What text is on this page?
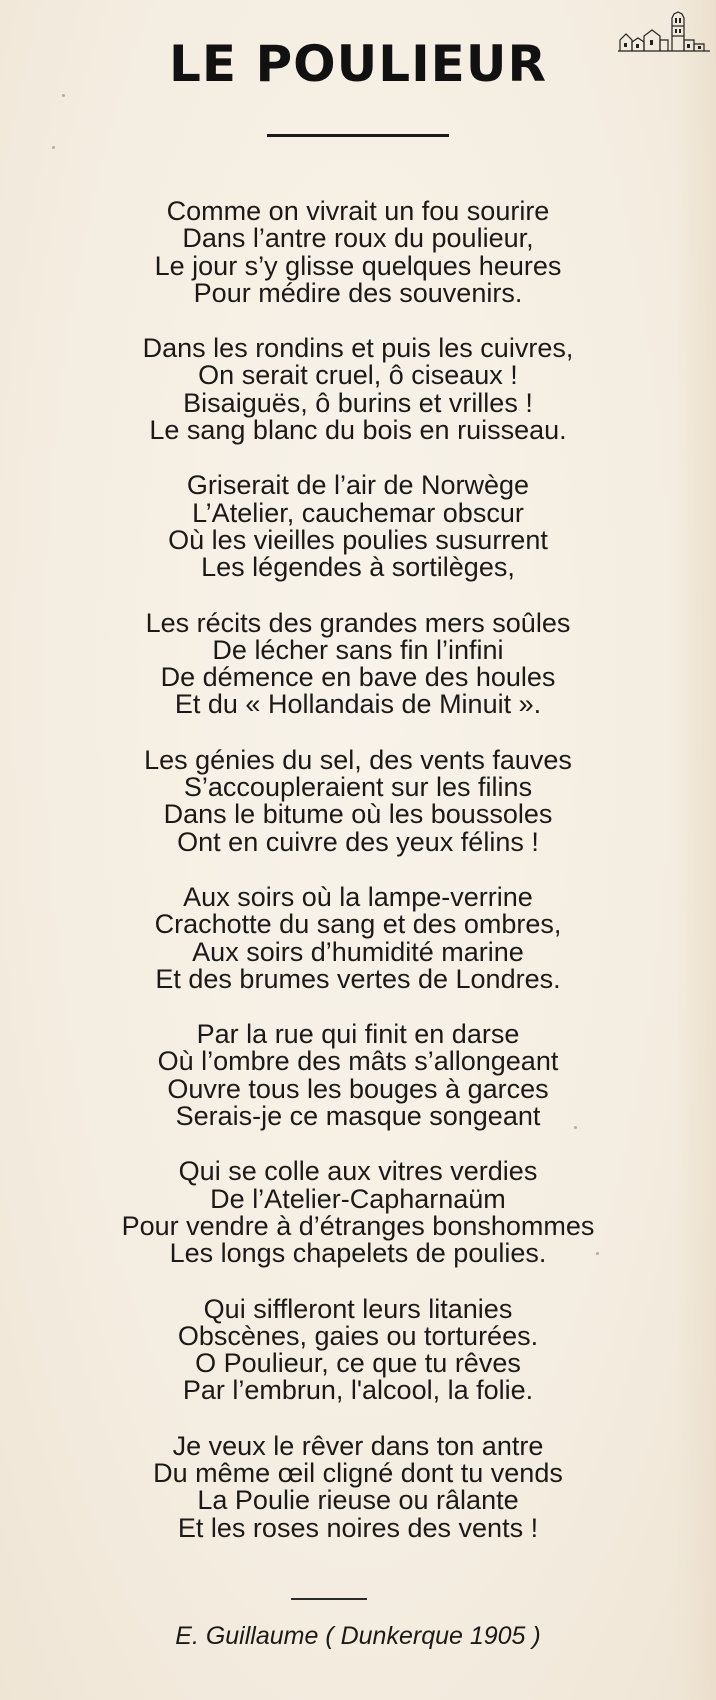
LE POULIEUR
Comme on vivrait un fou sourire
Dans l’antre roux du poulieur,
Le jour s’y glisse quelques heures
Pour médire des souvenirs.
Dans les rondins et puis les cuivres,
On serait cruel, ô ciseaux !
Bisaiguës, ô burins et vrilles !
Le sang blanc du bois en ruisseau.
Griserait de l’air de Norwège
L’Atelier, cauchemar obscur
Où les vieilles poulies susurrent
Les légendes à sortilèges,
Les récits des grandes mers soûles
De lécher sans fin l’infini
De démence en bave des houles
Et du « Hollandais de Minuit ».
Les génies du sel, des vents fauves
S’accoupleraient sur les filins
Dans le bitume où les boussoles
Ont en cuivre des yeux félins !
Aux soirs où la lampe-verrine
Crachotte du sang et des ombres,
Aux soirs d’humidité marine
Et des brumes vertes de Londres.
Par la rue qui finit en darse
Où l’ombre des mâts s’allongeant
Ouvre tous les bouges à garces
Serais-je ce masque songeant
Qui se colle aux vitres verdies
De l’Atelier-Capharnaüm
Pour vendre à d’étranges bonshommes
Les longs chapelets de poulies.
Qui siffleront leurs litanies
Obscènes, gaies ou torturées.
O Poulieur, ce que tu rêves
Par l’embrun, l'alcool, la folie.
Je veux le rêver dans ton antre
Du même œil cligné dont tu vends
La Poulie rieuse ou râlante
Et les roses noires des vents !
E. Guillaume ( Dunkerque 1905 )
